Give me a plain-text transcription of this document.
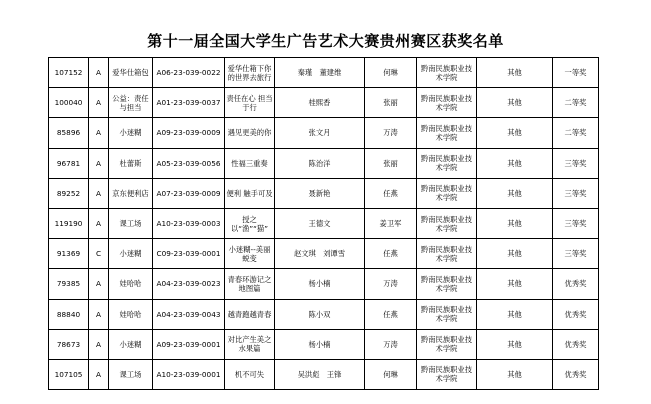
第十一届全国大学生广告艺术大赛贵州赛区获奖名单
107152	A	爱华仕箱包	A06-23-039-0022	爱华仕箱下你的世界去旅行	秦瑾　董建维	何琳	黔南民族职业技术学院	其他	一等奖
100040	A	公益：责任与担当	A01-23-039-0037	责任在心 担当于行	桂熙香	张丽	黔南民族职业技术学院	其他	二等奖
85896	A	小迷糊	A09-23-039-0009	遇见更美的你	张文月	万涛	黔南民族职业技术学院	其他	二等奖
96781	A	杜蕾斯	A05-23-039-0056	性福三重奏	陈治洋	张丽	黔南民族职业技术学院	其他	三等奖
89252	A	京东便利店	A07-23-039-0009	便利 触手可及	聂新艳	任燕	黔南民族职业技术学院	其他	三等奖
119190	A	课工场	A10-23-039-0003	授之以“渔”“猫”	王德文	姜卫军	黔南民族职业技术学院	其他	三等奖
91369	C	小迷糊	C09-23-039-0001	小迷糊--美丽蜕变	赵文琪　刘谭雪	任燕	黔南民族职业技术学院	其他	三等奖
79385	A	娃哈哈	A04-23-039-0023	青春环游记之地图篇	杨小楠	万涛	黔南民族职业技术学院	其他	优秀奖
88840	A	娃哈哈	A04-23-039-0043	越青跑越青春	陈小双	任燕	黔南民族职业技术学院	其他	优秀奖
78673	A	小迷糊	A09-23-039-0001	对比产生美之水果篇	杨小楠	万涛	黔南民族职业技术学院	其他	优秀奖
107105	A	课工场	A10-23-039-0001	机不可失	吴洪彪　王锋	何琳	黔南民族职业技术学院	其他	优秀奖
